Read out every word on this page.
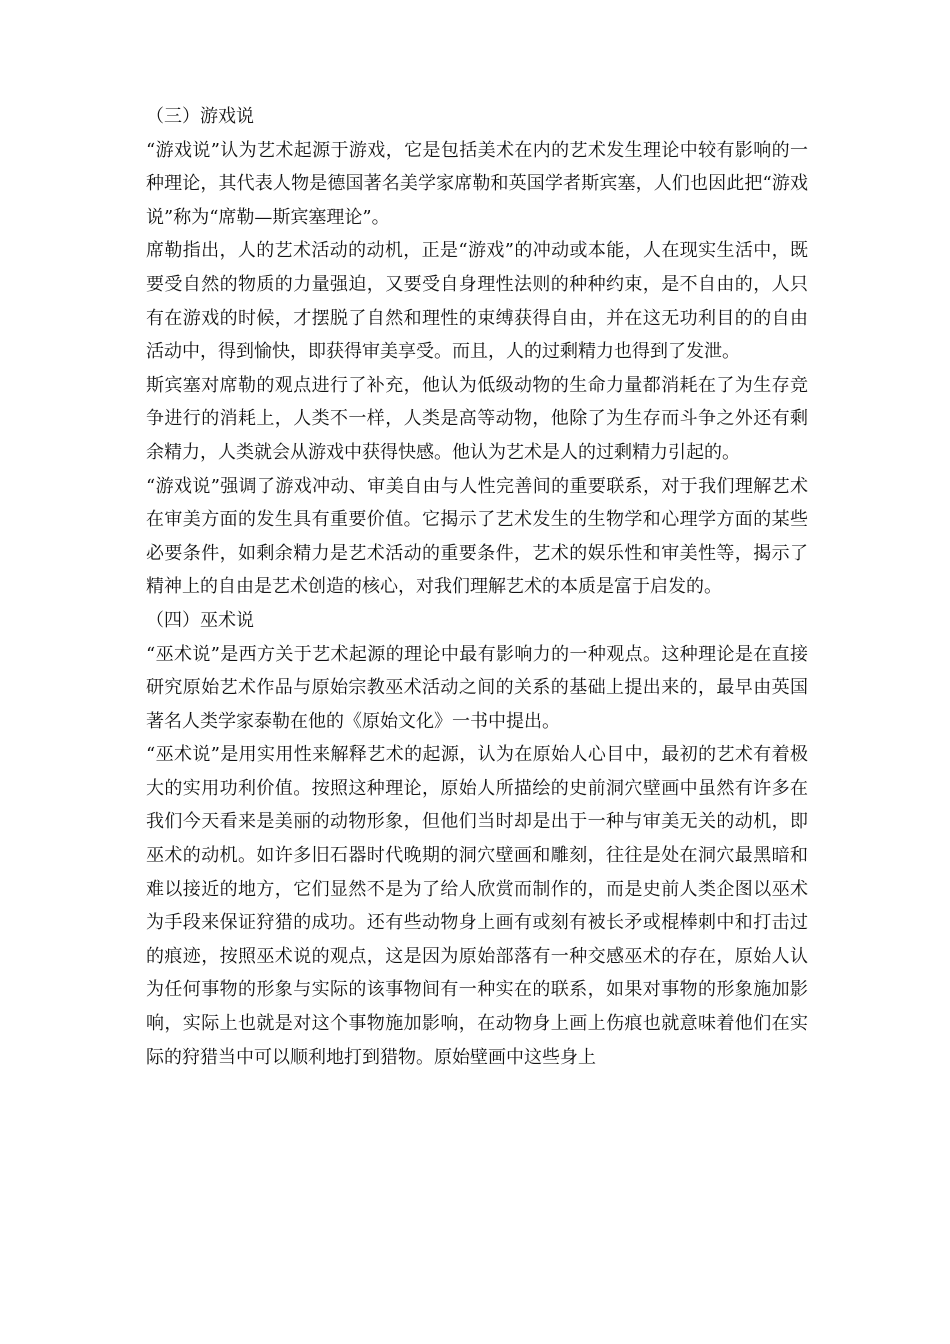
（三）游戏说

“游戏说”认为艺术起源于游戏，它是包括美术在内的艺术发生理论中较有影响的一种理论，其代表人物是德国著名美学家席勒和英国学者斯宾塞，人们也因此把“游戏说”称为“席勒—斯宾塞理论”。

席勒指出，人的艺术活动的动机，正是“游戏”的冲动或本能，人在现实生活中，既要受自然的物质的力量强迫，又要受自身理性法则的种种约束，是不自由的，人只有在游戏的时候，才摆脱了自然和理性的束缚获得自由，并在这无功利目的的自由活动中，得到愉快，即获得审美享受。而且，人的过剩精力也得到了发泄。

斯宾塞对席勒的观点进行了补充，他认为低级动物的生命力量都消耗在了为生存竞争进行的消耗上，人类不一样，人类是高等动物，他除了为生存而斗争之外还有剩余精力，人类就会从游戏中获得快感。他认为艺术是人的过剩精力引起的。

“游戏说”强调了游戏冲动、审美自由与人性完善间的重要联系，对于我们理解艺术在审美方面的发生具有重要价值。它揭示了艺术发生的生物学和心理学方面的某些必要条件，如剩余精力是艺术活动的重要条件，艺术的娱乐性和审美性等，揭示了精神上的自由是艺术创造的核心，对我们理解艺术的本质是富于启发的。

（四）巫术说

“巫术说”是西方关于艺术起源的理论中最有影响力的一种观点。这种理论是在直接研究原始艺术作品与原始宗教巫术活动之间的关系的基础上提出来的，最早由英国著名人类学家泰勒在他的《原始文化》一书中提出。

“巫术说”是用实用性来解释艺术的起源，认为在原始人心目中，最初的艺术有着极大的实用功利价值。按照这种理论，原始人所描绘的史前洞穴壁画中虽然有许多在我们今天看来是美丽的动物形象，但他们当时却是出于一种与审美无关的动机，即巫术的动机。如许多旧石器时代晚期的洞穴壁画和雕刻，往往是处在洞穴最黑暗和难以接近的地方，它们显然不是为了给人欣赏而制作的，而是史前人类企图以巫术为手段来保证狩猎的成功。还有些动物身上画有或刻有被长矛或棍棒刺中和打击过的痕迹，按照巫术说的观点，这是因为原始部落有一种交感巫术的存在，原始人认为任何事物的形象与实际的该事物间有一种实在的联系，如果对事物的形象施加影响，实际上也就是对这个事物施加影响，在动物身上画上伤痕也就意味着他们在实际的狩猎当中可以顺利地打到猎物。原始壁画中这些身上
